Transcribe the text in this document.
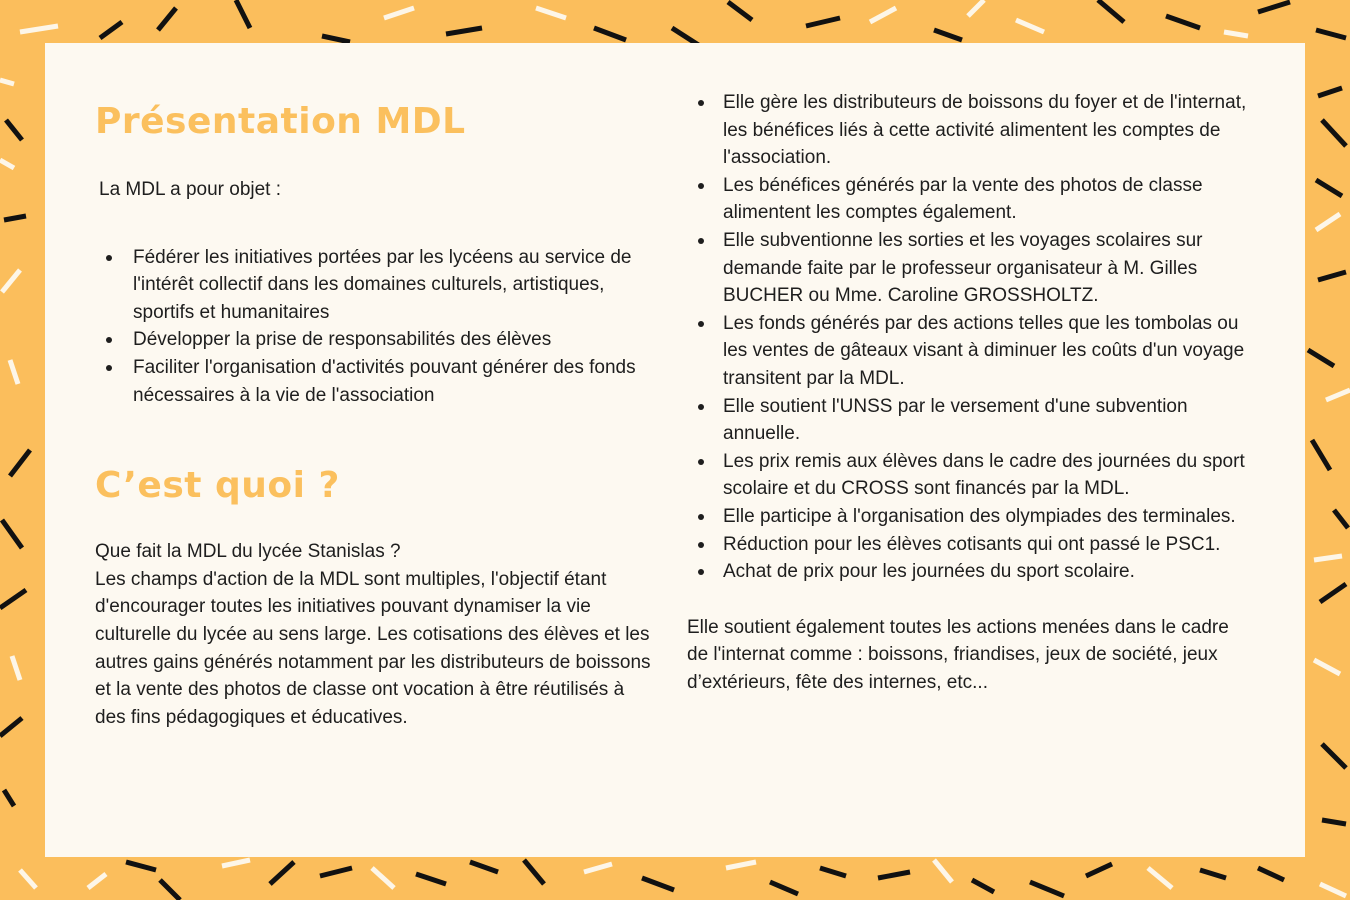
Présentation MDL
La MDL a pour objet :
Fédérer les initiatives portées par les lycéens au service de l'intérêt collectif dans les domaines culturels, artistiques, sportifs et humanitaires
Développer la prise de responsabilités des élèves
Faciliter l'organisation d'activités pouvant générer des fonds nécessaires à la vie de l'association
C’est quoi ?
Que fait la MDL du lycée Stanislas ?
Les champs d'action de la MDL sont multiples, l'objectif étant d'encourager toutes les initiatives pouvant dynamiser la vie culturelle du lycée au sens large. Les cotisations des élèves et les autres gains générés notamment par les distributeurs de boissons et la vente des photos de classe ont vocation à être réutilisés à des fins pédagogiques et éducatives.
Elle gère les distributeurs de boissons du foyer et de l'internat, les bénéfices liés à cette activité alimentent les comptes de l'association.
Les bénéfices générés par la vente des photos de classe alimentent les comptes également.
Elle subventionne les sorties et les voyages scolaires sur demande faite par le professeur organisateur à M. Gilles BUCHER ou Mme. Caroline GROSSHOLTZ.
Les fonds générés par des actions telles que les tombolas ou les ventes de gâteaux visant à diminuer les coûts d'un voyage transitent par la MDL.
Elle soutient l'UNSS par le versement d'une subvention annuelle.
Les prix remis aux élèves dans le cadre des journées du sport scolaire et du CROSS sont financés par la MDL.
Elle participe à l'organisation des olympiades des terminales.
Réduction pour les élèves cotisants qui ont passé le PSC1.
Achat de prix pour les journées du sport scolaire.
Elle soutient également toutes les actions menées dans le cadre de l'internat comme : boissons, friandises, jeux de société, jeux d’extérieurs, fête des internes, etc...
